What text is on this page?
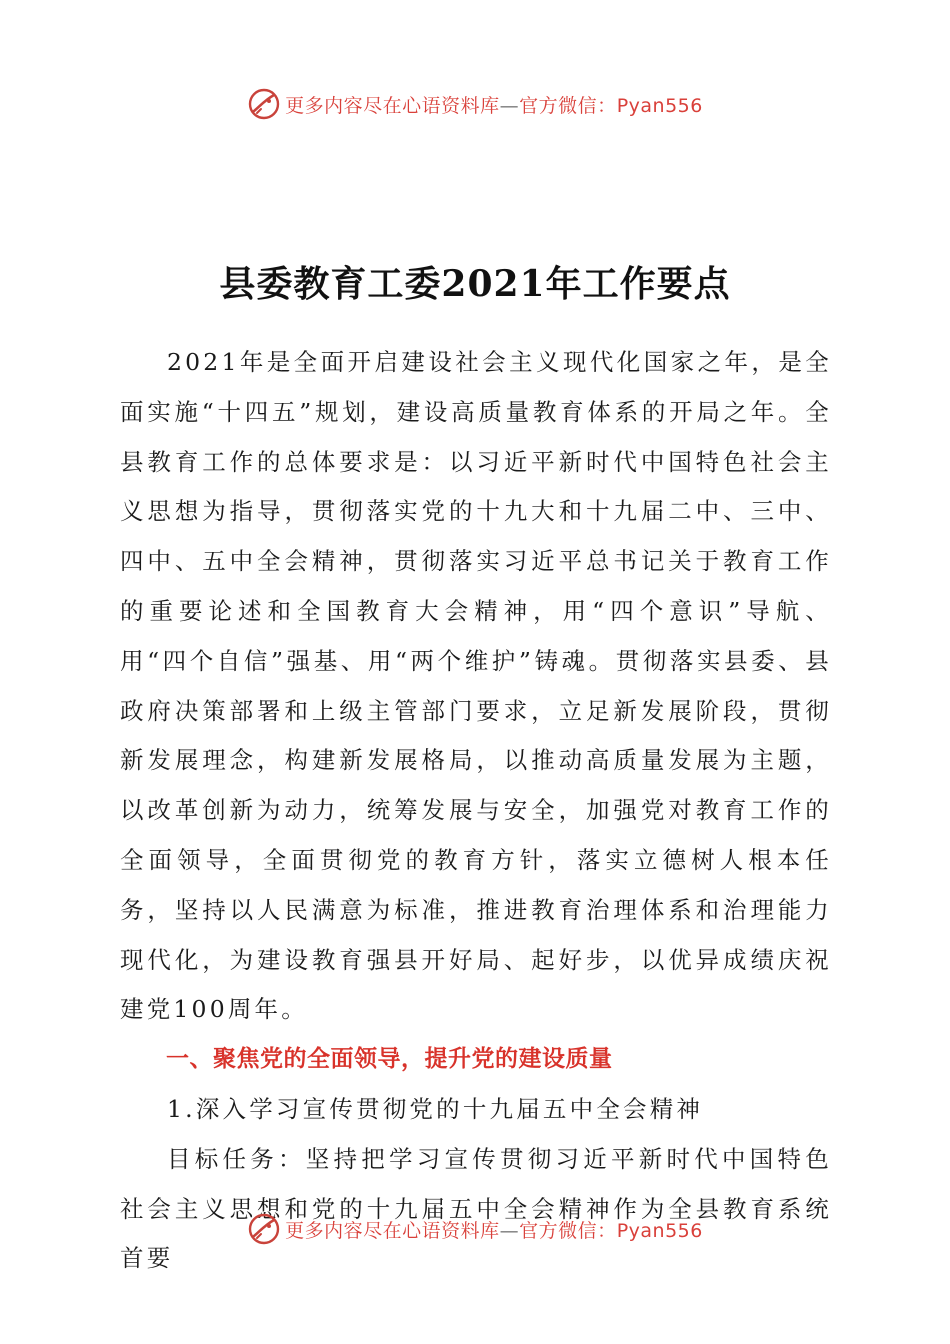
更多内容尽在心语资料库—官方微信：Pyan556
县委教育工委2021年工作要点

2021年是全面开启建设社会主义现代化国家之年，是全面实施“十四五”规划，建设高质量教育体系的开局之年。全县教育工作的总体要求是：以习近平新时代中国特色社会主义思想为指导，贯彻落实党的十九大和十九届二中、三中、四中、五中全会精神，贯彻落实习近平总书记关于教育工作的重要论述和全国教育大会精神，用“四个意识”导航、用“四个自信”强基、用“两个维护”铸魂。贯彻落实县委、县政府决策部署和上级主管部门要求，立足新发展阶段，贯彻新发展理念，构建新发展格局，以推动高质量发展为主题，以改革创新为动力，统筹发展与安全，加强党对教育工作的全面领导，全面贯彻党的教育方针，落实立德树人根本任务，坚持以人民满意为标准，推进教育治理体系和治理能力现代化，为建设教育强县开好局、起好步，以优异成绩庆祝建党100周年。

一、聚焦党的全面领导，提升党的建设质量

1.深入学习宣传贯彻党的十九届五中全会精神

目标任务：坚持把学习宣传贯彻习近平新时代中国特色社会主义思想和党的十九届五中全会精神作为全县教育系统首要

更多内容尽在心语资料库—官方微信：Pyan556
